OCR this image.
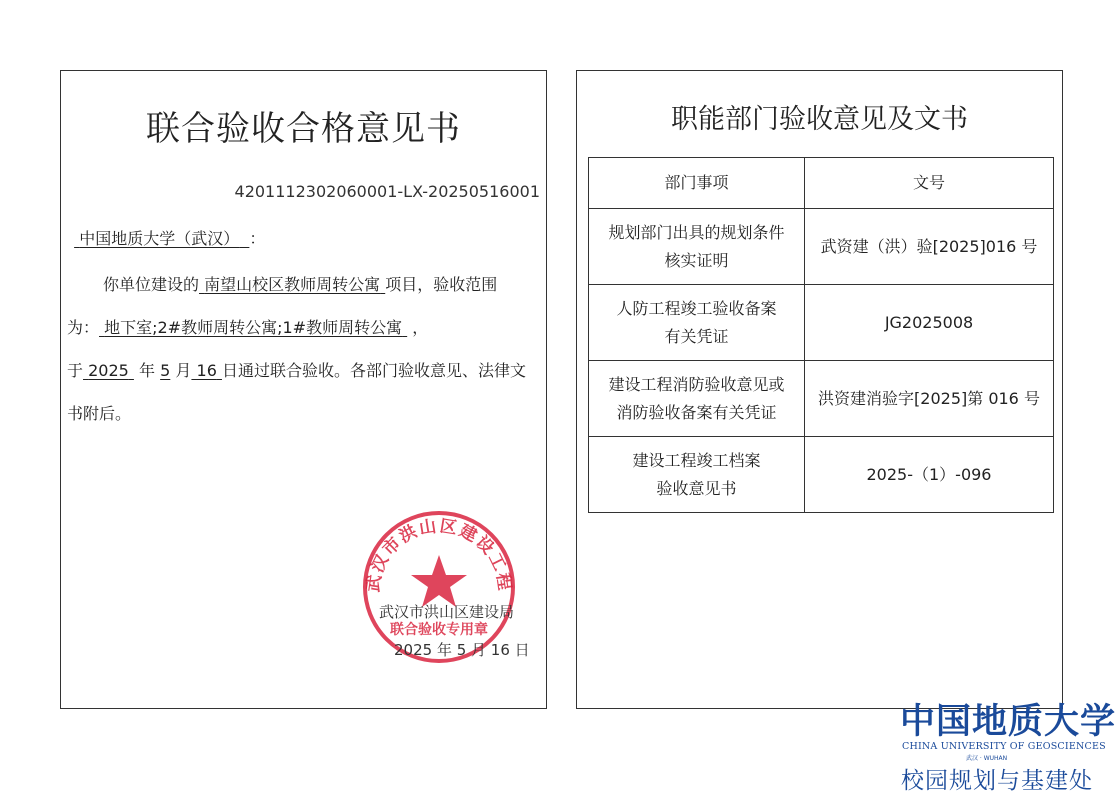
联合验收合格意见书
4201112302060001-LX-20250516001
中国地质大学（武汉） ：
你单位建设的 南望山校区教师周转公寓 项目，验收范围为： 地下室;2#教师周转公寓;1#教师周转公寓 ，于 2025 年 5 月 16 日通过联合验收。各部门验收意见、法律文书附后。
武汉市洪山区建设工程
联合验收专用章
武汉市洪山区建设局
2025 年 5 月 16 日
职能部门验收意见及文书
部门事项	文号
规划部门出具的规划条件
核实证明	武资建（洪）验[2025]016 号
人防工程竣工验收备案
有关凭证	JG2025008
建设工程消防验收意见或
消防验收备案有关凭证	洪资建消验字[2025]第 016 号
建设工程竣工档案
验收意见书	2025-（1）-096
中国地质大学
CHINA UNIVERSITY OF GEOSCIENCES
武汉 · WUHAN
校园规划与基建处
